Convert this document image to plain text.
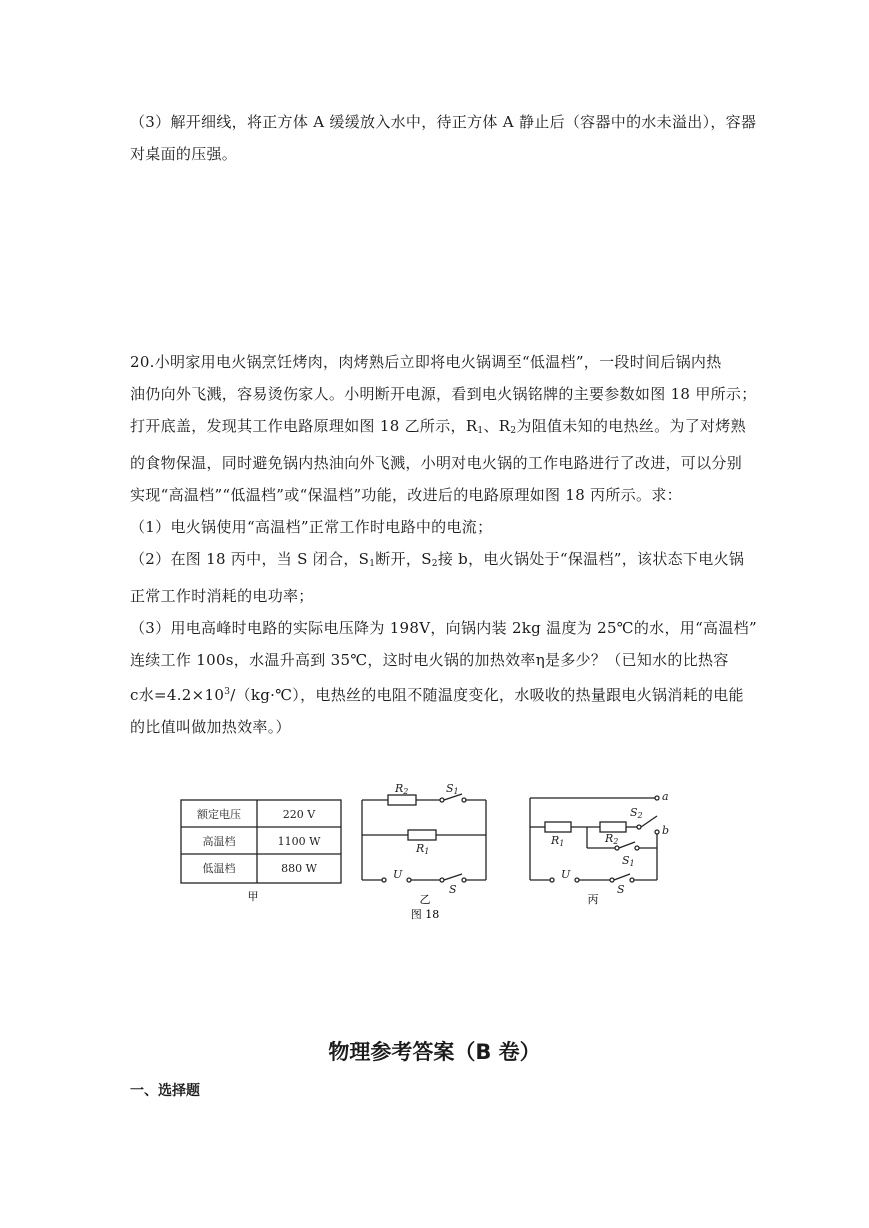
（3）解开细线，将正方体 A 缓缓放入水中，待正方体 A 静止后（容器中的水未溢出），容器
对桌面的压强。
20.小明家用电火锅烹饪烤肉，肉烤熟后立即将电火锅调至“低温档”，一段时间后锅内热
油仍向外飞溅，容易烫伤家人。小明断开电源，看到电火锅铭牌的主要参数如图 18 甲所示；
打开底盖，发现其工作电路原理如图 18 乙所示，$R_1$、$R_2$为阻值未知的电热丝。为了对烤熟
的食物保温，同时避免锅内热油向外飞溅，小明对电火锅的工作电路进行了改进，可以分别
实现“高温档”“低温档”或“保温档”功能，改进后的电路原理如图 18 丙所示。求：
（1）电火锅使用“高温档”正常工作时电路中的电流；
（2）在图 18 丙中，当 S 闭合，$S_1$断开，$S_2$接 b，电火锅处于“保温档”，该状态下电火锅
正常工作时消耗的电功率；
（3）用电高峰时电路的实际电压降为 198V，向锅内装 2kg 温度为 25℃的水，用“高温档”
连续工作 100s，水温升高到 35℃，这时电火锅的加热效率η是多少？（已知水的比热容
c水$=4.2\times 10^3/(kg\cdot℃)$，电热丝的电阻不随温度变化，水吸收的热量跟电火锅消耗的电能
的比值叫做加热效率。）
额定电压	220 V
高温档	1100 W
低温档	880 W
甲
R2	S1
R1
U
S
乙
图 18
a
b
S2
R1	R2
S1
U
S
丙
物理参考答案（B 卷）
一、选择题
